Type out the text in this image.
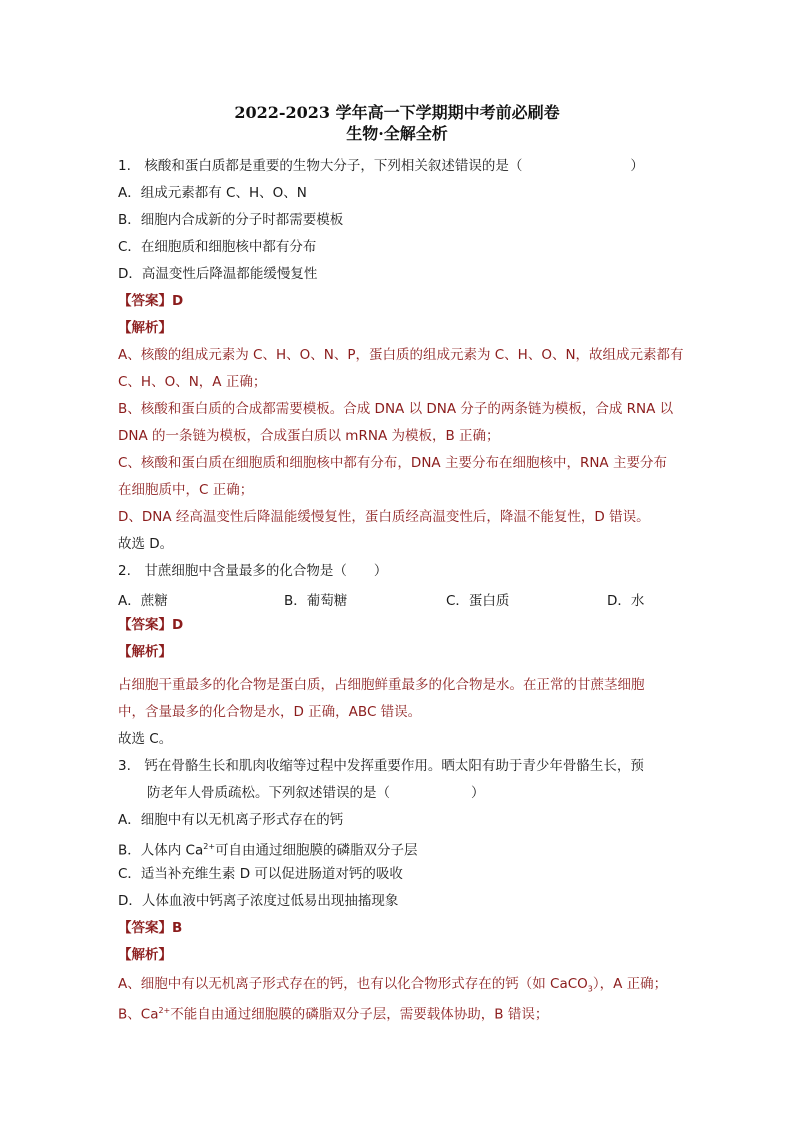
2022-2023 学年高一下学期期中考前必刷卷
生物·全解全析
1.　核酸和蛋白质都是重要的生物大分子，下列相关叙述错误的是（　　　　　　　　）
A．组成元素都有 C、H、O、N
B．细胞内合成新的分子时都需要模板
C．在细胞质和细胞核中都有分布
D．高温变性后降温都能缓慢复性
【答案】D
【解析】
A、核酸的组成元素为 C、H、O、N、P，蛋白质的组成元素为 C、H、O、N，故组成元素都有
C、H、O、N，A 正确；
B、核酸和蛋白质的合成都需要模板。合成 DNA 以 DNA 分子的两条链为模板，合成 RNA 以
DNA 的一条链为模板，合成蛋白质以 mRNA 为模板，B 正确；
C、核酸和蛋白质在细胞质和细胞核中都有分布，DNA 主要分布在细胞核中，RNA 主要分布
在细胞质中，C 正确；
D、DNA 经高温变性后降温能缓慢复性，蛋白质经高温变性后，降温不能复性，D 错误。
故选 D。
2.　甘蔗细胞中含量最多的化合物是（　　）
A．蔗糖	B．葡萄糖	C．蛋白质	D．水
【答案】D
【解析】
占细胞干重最多的化合物是蛋白质，占细胞鲜重最多的化合物是水。在正常的甘蔗茎细胞
中，含量最多的化合物是水，D 正确，ABC 错误。
故选 C。
3.　钙在骨骼生长和肌肉收缩等过程中发挥重要作用。晒太阳有助于青少年骨骼生长，预
防老年人骨质疏松。下列叙述错误的是（　　　　　　）
A．细胞中有以无机离子形式存在的钙
B．人体内 $Ca^{2+}$可自由通过细胞膜的磷脂双分子层
C．适当补充维生素 D 可以促进肠道对钙的吸收
D．人体血液中钙离子浓度过低易出现抽搐现象
【答案】B
【解析】
A、细胞中有以无机离子形式存在的钙，也有以化合物形式存在的钙（如 CaCO$_3$），A 正确；
B、$Ca^{2+}$不能自由通过细胞膜的磷脂双分子层，需要载体协助，B 错误；
